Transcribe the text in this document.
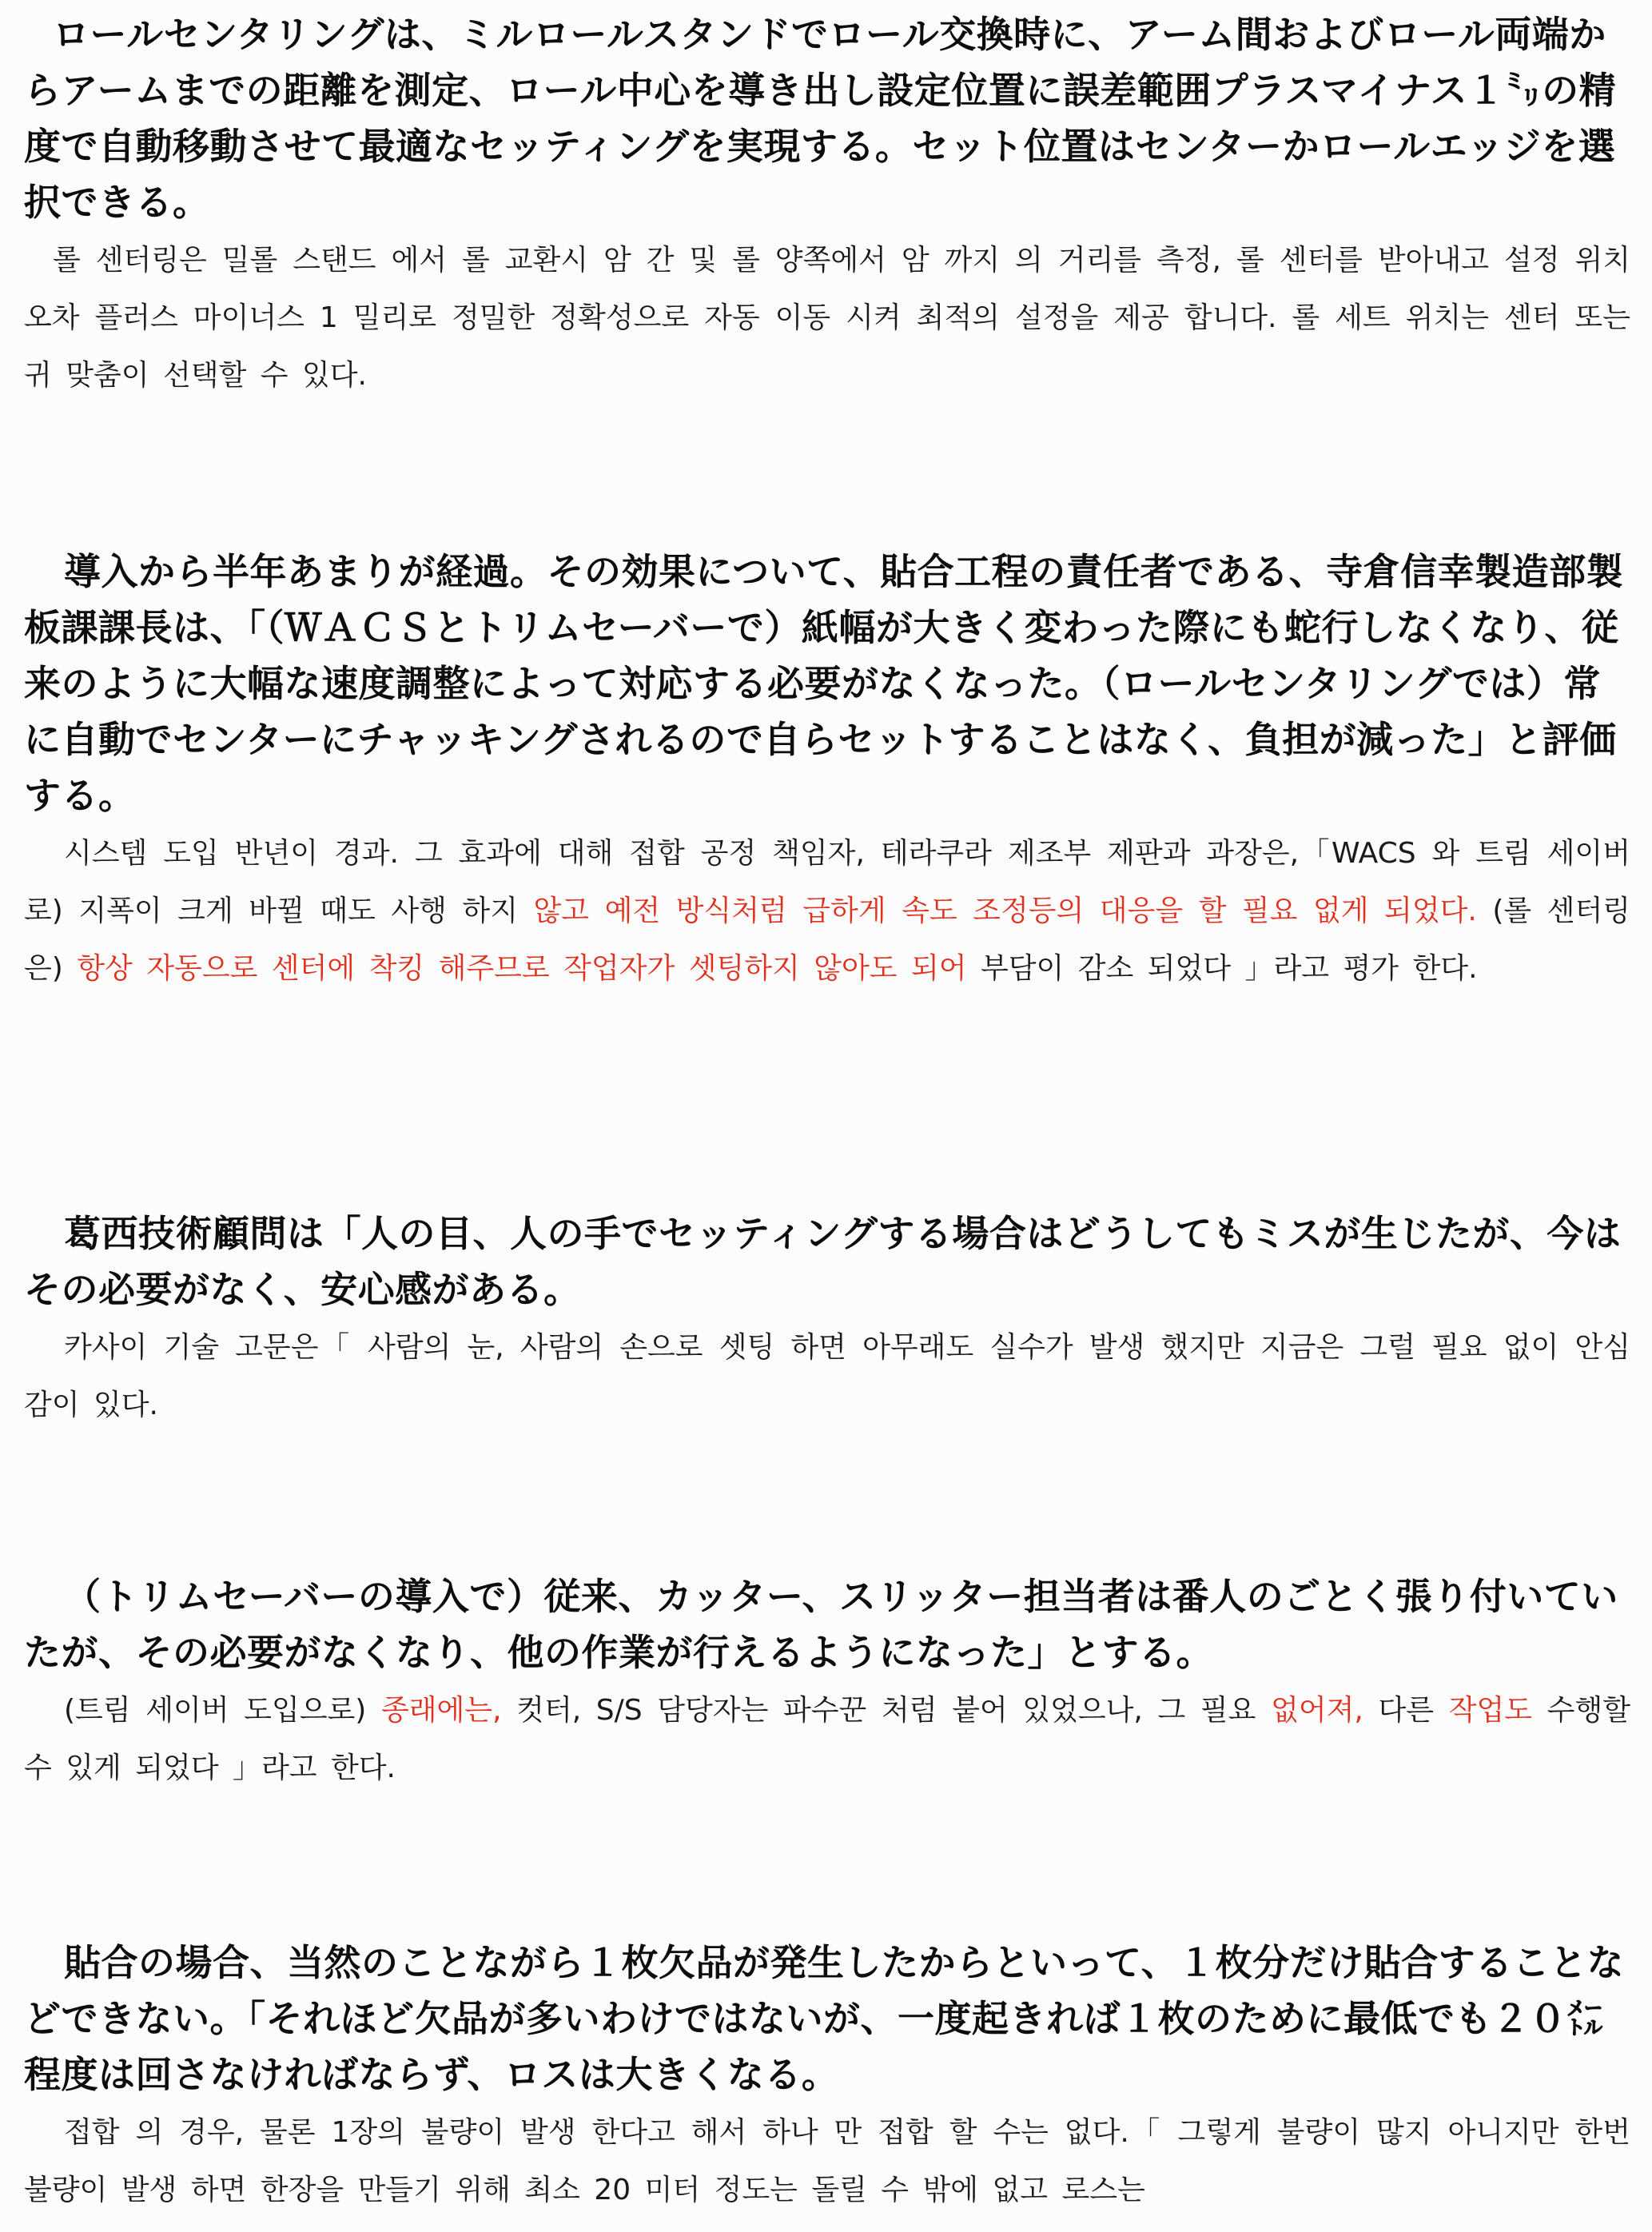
ロールセンタリングは、ミルロールスタンドでロール交換時に、アーム間およびロール両端からアームまでの距離を測定、ロール中心を導き出し設定位置に誤差範囲プラスマイナス１㍉の精度で自動移動させて最適なセッティングを実現する。セット位置はセンターかロールエッジを選択できる。

롤 센터링은 밀롤 스탠드 에서 롤 교환시 암 간 및 롤 양쪽에서 암 까지 의 거리를 측정, 롤 센터를 받아내고 설정 위치 오차 플러스 마이너스 1 밀리로 정밀한 정확성으로 자동 이동 시켜 최적의 설정을 제공 합니다. 롤 세트 위치는 센터 또는 귀 맞춤이 선택할 수 있다.

導入から半年あまりが経過。その効果について、貼合工程の責任者である、寺倉信幸製造部製板課課長は、「（ＷＡＣＳとトリムセーバーで）紙幅が大きく変わった際にも蛇行しなくなり、従来のように大幅な速度調整によって対応する必要がなくなった。（ロールセンタリングでは）常に自動でセンターにチャッキングされるので自らセットすることはなく、負担が減った」と評価する。

시스템 도입 반년이 경과. 그 효과에 대해 접합 공정 책임자, 테라쿠라 제조부 제판과 과장은,「WACS 와 트림 세이버 로) 지폭이 크게 바뀔 때도 사행 하지 않고 예전 방식처럼 급하게 속도 조정등의 대응을 할 필요 없게 되었다. (롤 센터링은) 항상 자동으로 센터에 착킹 해주므로 작업자가 셋팅하지 않아도 되어 부담이 감소 되었다 」라고 평가 한다.

葛西技術顧問は「人の目、人の手でセッティングする場合はどうしてもミスが生じたが、今はその必要がなく、安心感がある。

카사이 기술 고문은「 사람의 눈, 사람의 손으로 셋팅 하면 아무래도 실수가 발생 했지만 지금은 그럴 필요 없이 안심 감이 있다.

（トリムセーバーの導入で）従来、カッター、スリッター担当者は番人のごとく張り付いていたが、その必要がなくなり、他の作業が行えるようになった」とする。

(트림 세이버 도입으로) 종래에는, 컷터, S/S 담당자는 파수꾼 처럼 붙어 있었으나, 그 필요 없어져, 다른 작업도 수행할 수 있게 되었다 」라고 한다.

貼合の場合、当然のことながら１枚欠品が発生したからといって、１枚分だけ貼合することなどできない。「それほど欠品が多いわけではないが、一度起きれば１枚のために最低でも２０㍍程度は回さなければならず、ロスは大きくなる。

접합 의 경우, 물론 1장의 불량이 발생 한다고 해서 하나 만 접합 할 수는 없다.「 그렇게 불량이 많지 아니지만 한번 불량이 발생 하면 한장을 만들기 위해 최소 20 미터 정도는 돌릴 수 밖에 없고 로스는
